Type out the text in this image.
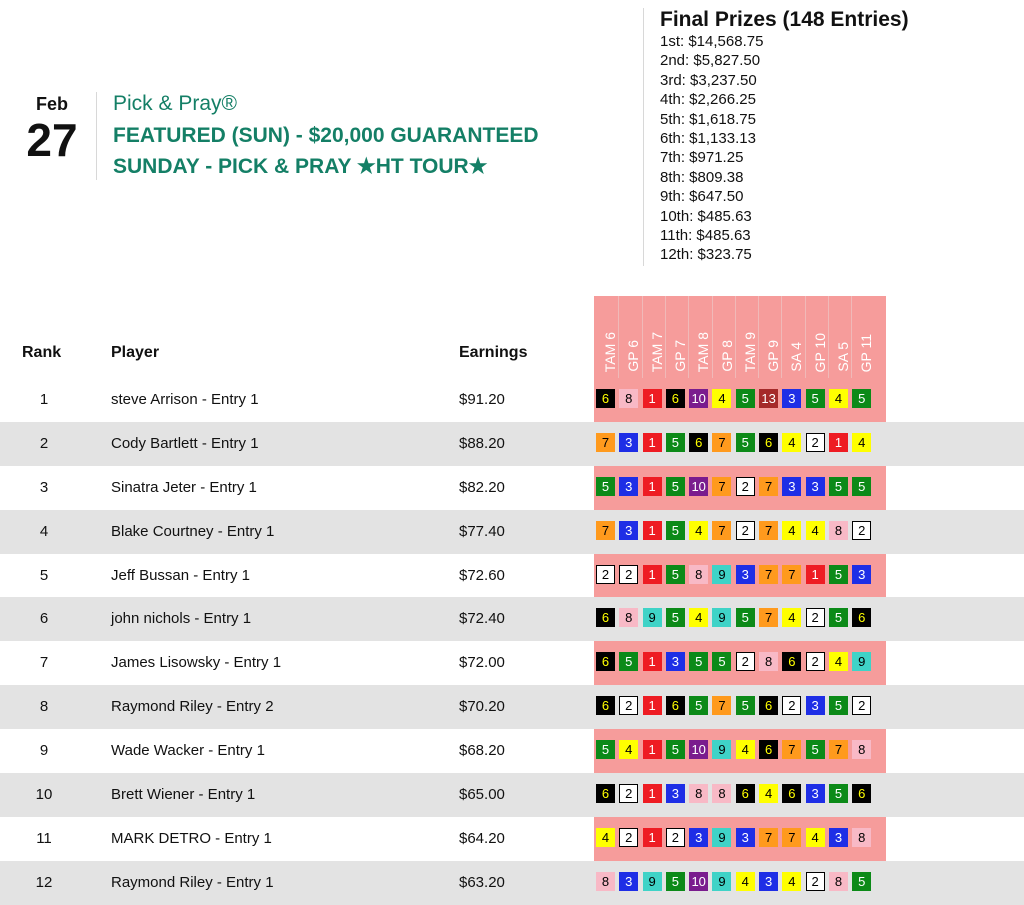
Feb
27
Pick & Pray®
FEATURED (SUN) - $20,000 GUARANTEED
SUNDAY - PICK & PRAY ★HT TOUR★
Final Prizes (148 Entries)
1st: $14,568.75
2nd: $5,827.50
3rd: $3,237.50
4th: $2,266.25
5th: $1,618.75
6th: $1,133.13
7th: $971.25
8th: $809.38
9th: $647.50
10th: $485.63
11th: $485.63
12th: $323.75
Rank	Player	Earnings	TAM 6 GP 6 TAM 7 GP 7 TAM 8 GP 8 TAM 9 GP 9 SA 4 GP 10 SA 5 GP 11
1	steve Arrison - Entry 1	$91.20	6 8 1 6 10 4 5 13 3 5 4 5
2	Cody Bartlett - Entry 1	$88.20	7 3 1 5 6 7 5 6 4 2 1 4
3	Sinatra Jeter - Entry 1	$82.20	5 3 1 5 10 7 2 7 3 3 5 5
4	Blake Courtney - Entry 1	$77.40	7 3 1 5 4 7 2 7 4 4 8 2
5	Jeff Bussan - Entry 1	$72.60	2 2 1 5 8 9 3 7 7 1 5 3
6	john nichols - Entry 1	$72.40	6 8 9 5 4 9 5 7 4 2 5 6
7	James Lisowsky - Entry 1	$72.00	6 5 1 3 5 5 2 8 6 2 4 9
8	Raymond Riley - Entry 2	$70.20	6 2 1 6 5 7 5 6 2 3 5 2
9	Wade Wacker - Entry 1	$68.20	5 4 1 5 10 9 4 6 7 5 7 8
10	Brett Wiener - Entry 1	$65.00	6 2 1 3 8 8 6 4 6 3 5 6
11	MARK DETRO - Entry 1	$64.20	4 2 1 2 3 9 3 7 7 4 3 8
12	Raymond Riley - Entry 1	$63.20	8 3 9 5 10 9 4 3 4 2 8 5
